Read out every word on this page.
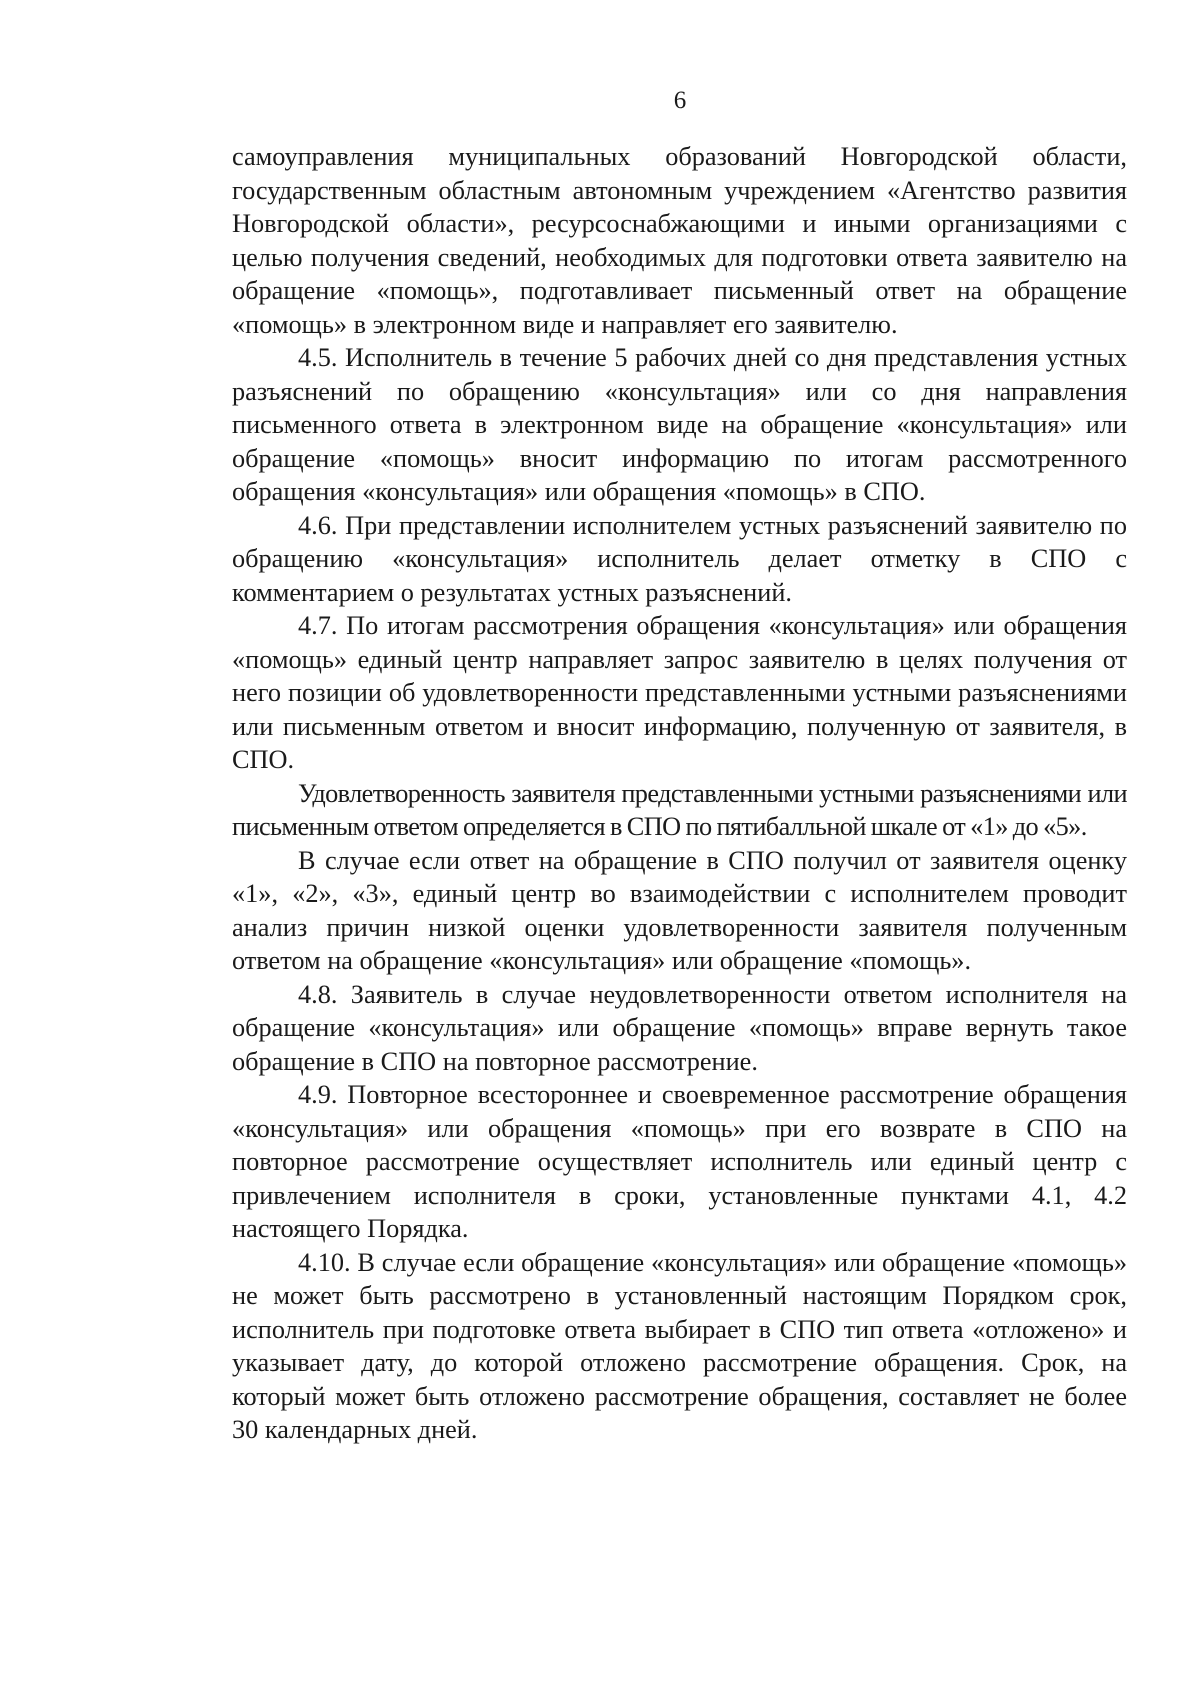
6

самоуправления муниципальных образований Новгородской области, государственным областным автономным учреждением «Агентство развития Новгородской области», ресурсоснабжающими и иными организациями с целью получения сведений, необходимых для подготовки ответа заявителю на обращение «помощь», подготавливает письменный ответ на обращение «помощь» в электронном виде и направляет его заявителю.

4.5. Исполнитель в течение 5 рабочих дней со дня представления устных разъяснений по обращению «консультация» или со дня направления письменного ответа в электронном виде на обращение «консультация» или обращение «помощь» вносит информацию по итогам рассмотренного обращения «консультация» или обращения «помощь» в СПО.

4.6. При представлении исполнителем устных разъяснений заявителю по обращению «консультация» исполнитель делает отметку в СПО с комментарием о результатах устных разъяснений.

4.7. По итогам рассмотрения обращения «консультация» или обращения «помощь» единый центр направляет запрос заявителю в целях получения от него позиции об удовлетворенности представленными устными разъяснениями или письменным ответом и вносит информацию, полученную от заявителя, в СПО.

Удовлетворенность заявителя представленными устными разъяснениями или письменным ответом определяется в СПО по пятибалльной шкале от «1» до «5».

В случае если ответ на обращение в СПО получил от заявителя оценку «1», «2», «3», единый центр во взаимодействии с исполнителем проводит анализ причин низкой оценки удовлетворенности заявителя полученным ответом на обращение «консультация» или обращение «помощь».

4.8. Заявитель в случае неудовлетворенности ответом исполнителя на обращение «консультация» или обращение «помощь» вправе вернуть такое обращение в СПО на повторное рассмотрение.

4.9. Повторное всестороннее и своевременное рассмотрение обращения «консультация» или обращения «помощь» при его возврате в СПО на повторное рассмотрение осуществляет исполнитель или единый центр с привлечением исполнителя в сроки, установленные пунктами 4.1, 4.2 настоящего Порядка.

4.10. В случае если обращение «консультация» или обращение «помощь» не может быть рассмотрено в установленный настоящим Порядком срок, исполнитель при подготовке ответа выбирает в СПО тип ответа «отложено» и указывает дату, до которой отложено рассмотрение обращения. Срок, на который может быть отложено рассмотрение обращения, составляет не более 30 календарных дней.
